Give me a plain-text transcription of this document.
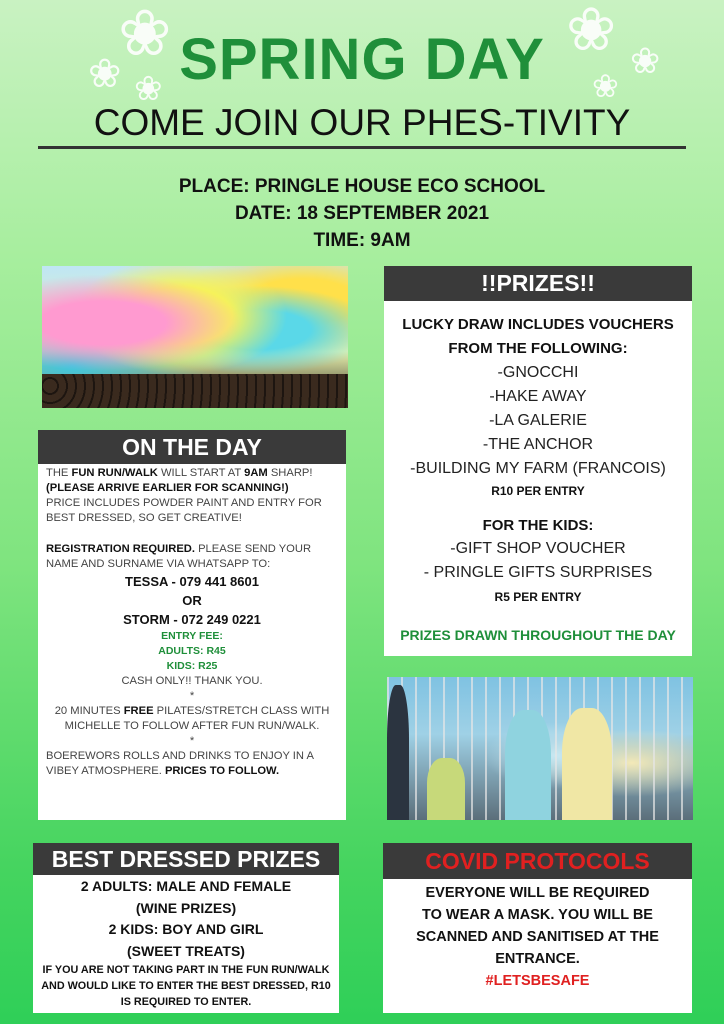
❀
❀ ❀
❀ ❀
❀
SPRING DAY
COME JOIN OUR PHES-TIVITY
PLACE: PRINGLE HOUSE ECO SCHOOL
DATE: 18 SEPTEMBER 2021
TIME: 9AM
ON THE DAY
THE FUN RUN/WALK WILL START AT 9AM SHARP!
(PLEASE ARRIVE EARLIER FOR SCANNING!)
PRICE INCLUDES POWDER PAINT AND ENTRY FOR BEST DRESSED, SO GET CREATIVE!
REGISTRATION REQUIRED. PLEASE SEND YOUR NAME AND SURNAME VIA WHATSAPP TO:
TESSA - 079 441 8601
OR
STORM - 072 249 0221
ENTRY FEE:
ADULTS: R45
KIDS: R25
CASH ONLY!! THANK YOU.
*
20 MINUTES FREE PILATES/STRETCH CLASS WITH MICHELLE TO FOLLOW AFTER FUN RUN/WALK.
*
BOEREWORS ROLLS AND DRINKS TO ENJOY IN A VIBEY ATMOSPHERE. PRICES TO FOLLOW.
!!PRIZES!!
LUCKY DRAW INCLUDES VOUCHERS FROM THE FOLLOWING:
-GNOCCHI
-HAKE AWAY
-LA GALERIE
-THE ANCHOR
-BUILDING MY FARM (FRANCOIS)
R10 PER ENTRY
FOR THE KIDS:
-GIFT SHOP VOUCHER
- PRINGLE GIFTS SURPRISES
R5 PER ENTRY
PRIZES DRAWN THROUGHOUT THE DAY
BEST DRESSED PRIZES
2 ADULTS: MALE AND FEMALE
(WINE PRIZES)
2 KIDS: BOY AND GIRL
(SWEET TREATS)
IF YOU ARE NOT TAKING PART IN THE FUN RUN/WALK AND WOULD LIKE TO ENTER THE BEST DRESSED, R10 IS REQUIRED TO ENTER.
COVID PROTOCOLS
EVERYONE WILL BE REQUIRED TO WEAR A MASK. YOU WILL BE SCANNED AND SANITISED AT THE ENTRANCE.
#LETSBESAFE
